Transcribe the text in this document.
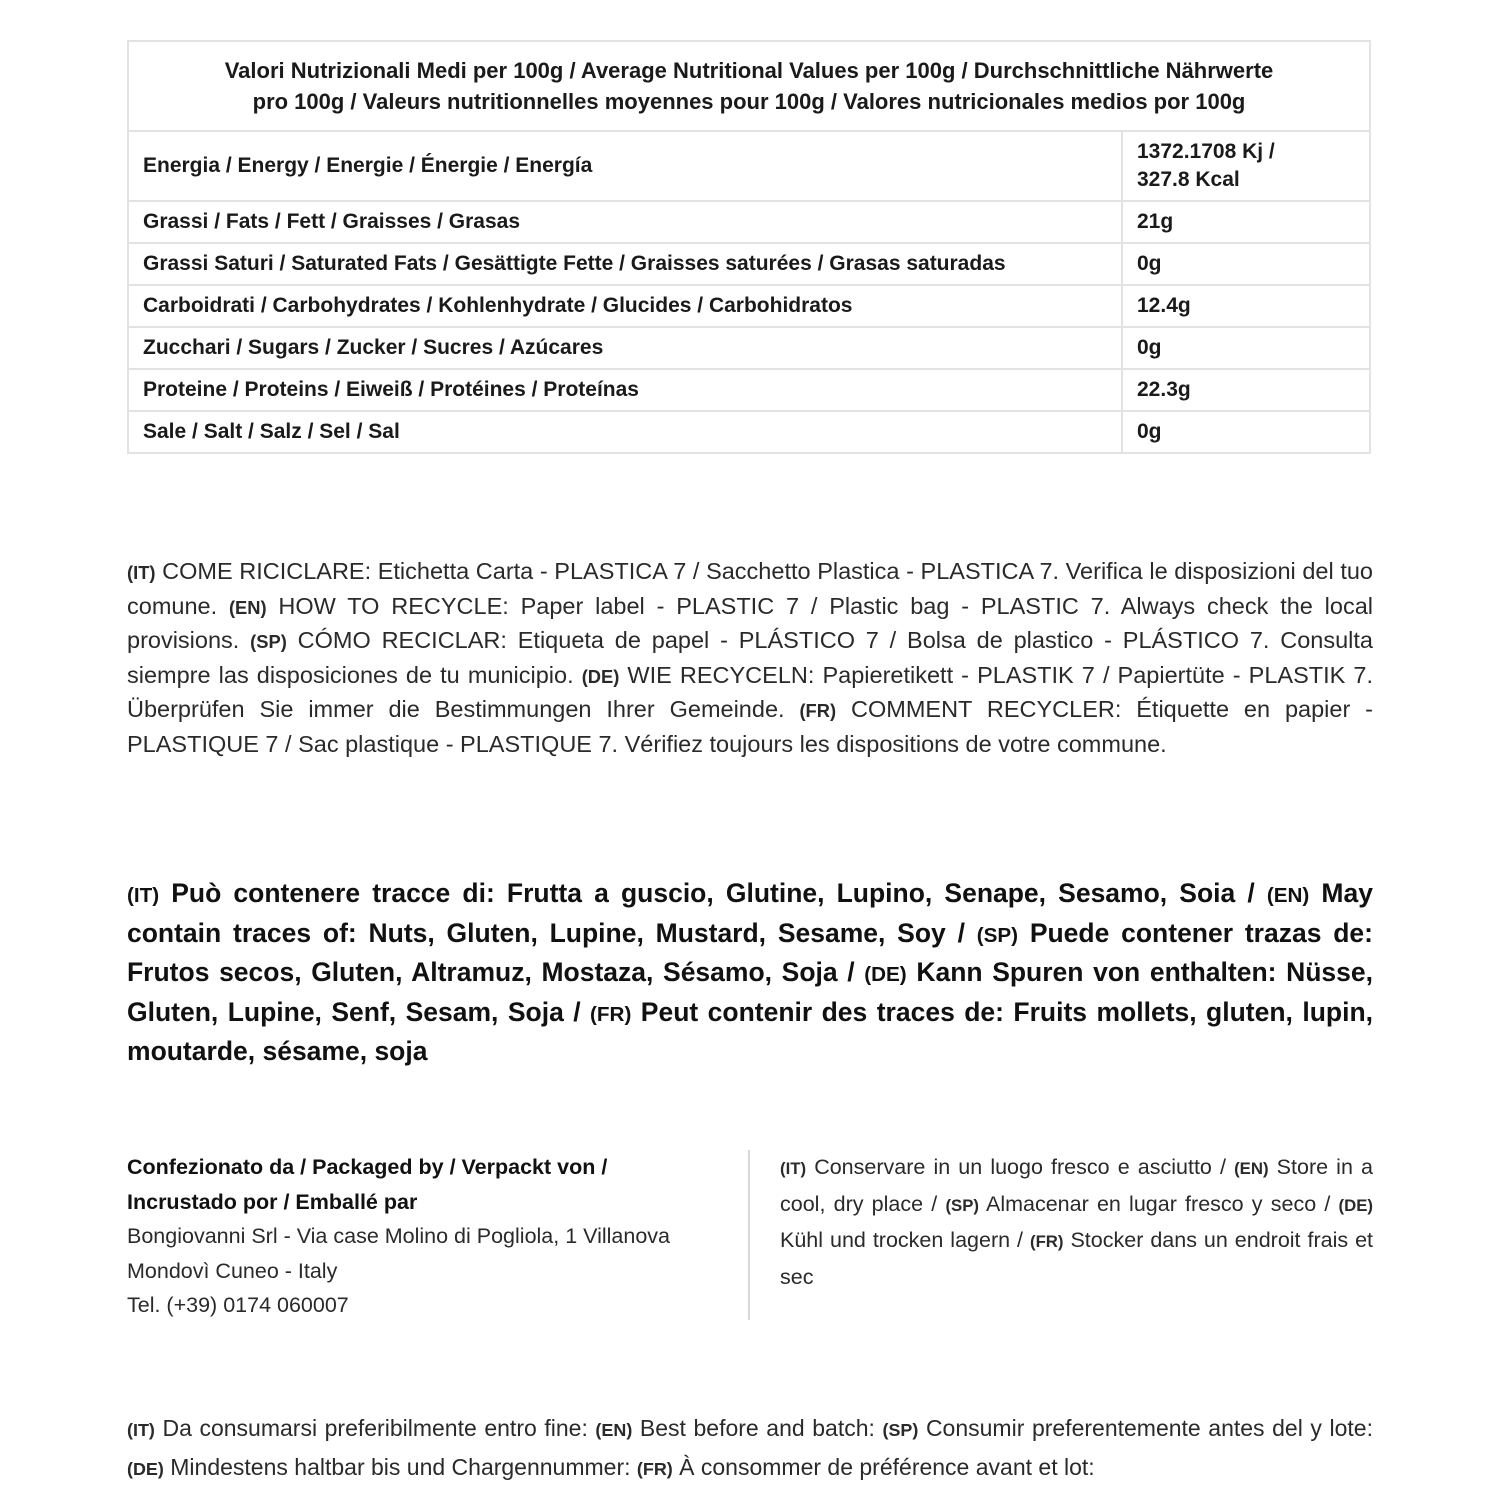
Valori Nutrizionali Medi per 100g / Average Nutritional Values per 100g / Durchschnittliche Nährwerte
pro 100g / Valeurs nutritionnelles moyennes pour 100g / Valores nutricionales medios por 100g	
Energia / Energy / Energie / Énergie / Energía	1372.1708 Kj /
327.8 Kcal
Grassi / Fats / Fett / Graisses / Grasas	21g
Grassi Saturi / Saturated Fats / Gesättigte Fette / Graisses saturées / Grasas saturadas	0g
Carboidrati / Carbohydrates / Kohlenhydrate / Glucides / Carbohidratos	12.4g
Zucchari / Sugars / Zucker / Sucres / Azúcares	0g
Proteine / Proteins / Eiweiß / Protéines / Proteínas	22.3g
Sale / Salt / Salz / Sel / Sal	0g
(IT) COME RICICLARE: Etichetta Carta - PLASTICA 7 / Sacchetto Plastica - PLASTICA 7. Verifica le disposizioni del tuo comune. (EN) HOW TO RECYCLE: Paper label - PLASTIC 7 / Plastic bag - PLASTIC 7. Always check the local provisions. (SP) CÓMO RECICLAR: Etiqueta de papel - PLÁSTICO 7 / Bolsa de plastico - PLÁSTICO 7. Consulta siempre las disposiciones de tu municipio. (DE) WIE RECYCELN: Papieretikett - PLASTIK 7 / Papiertüte - PLASTIK 7. Überprüfen Sie immer die Bestimmungen Ihrer Gemeinde. (FR) COMMENT RECYCLER: Étiquette en papier - PLASTIQUE 7 / Sac plastique - PLASTIQUE 7. Vérifiez toujours les dispositions de votre commune.
(IT) Può contenere tracce di: Frutta a guscio, Glutine, Lupino, Senape, Sesamo, Soia / (EN) May contain traces of: Nuts, Gluten, Lupine, Mustard, Sesame, Soy / (SP) Puede contener trazas de: Frutos secos, Gluten, Altramuz, Mostaza, Sésamo, Soja / (DE) Kann Spuren von enthalten: Nüsse, Gluten, Lupine, Senf, Sesam, Soja / (FR) Peut contenir des traces de: Fruits mollets, gluten, lupin, moutarde, sésame, soja
Confezionato da / Packaged by / Verpackt von /
Incrustado por / Emballé par
Bongiovanni Srl - Via case Molino di Pogliola, 1 Villanova
Mondovì Cuneo - Italy
Tel. (+39) 0174 060007
(IT) Conservare in un luogo fresco e asciutto / (EN) Store in a cool, dry place / (SP) Almacenar en lugar fresco y seco / (DE) Kühl und trocken lagern / (FR) Stocker dans un endroit frais et sec
(IT) Da consumarsi preferibilmente entro fine: (EN) Best before and batch: (SP) Consumir preferentemente antes del y lote: (DE) Mindestens haltbar bis und Chargennummer: (FR) À consommer de préférence avant et lot:
